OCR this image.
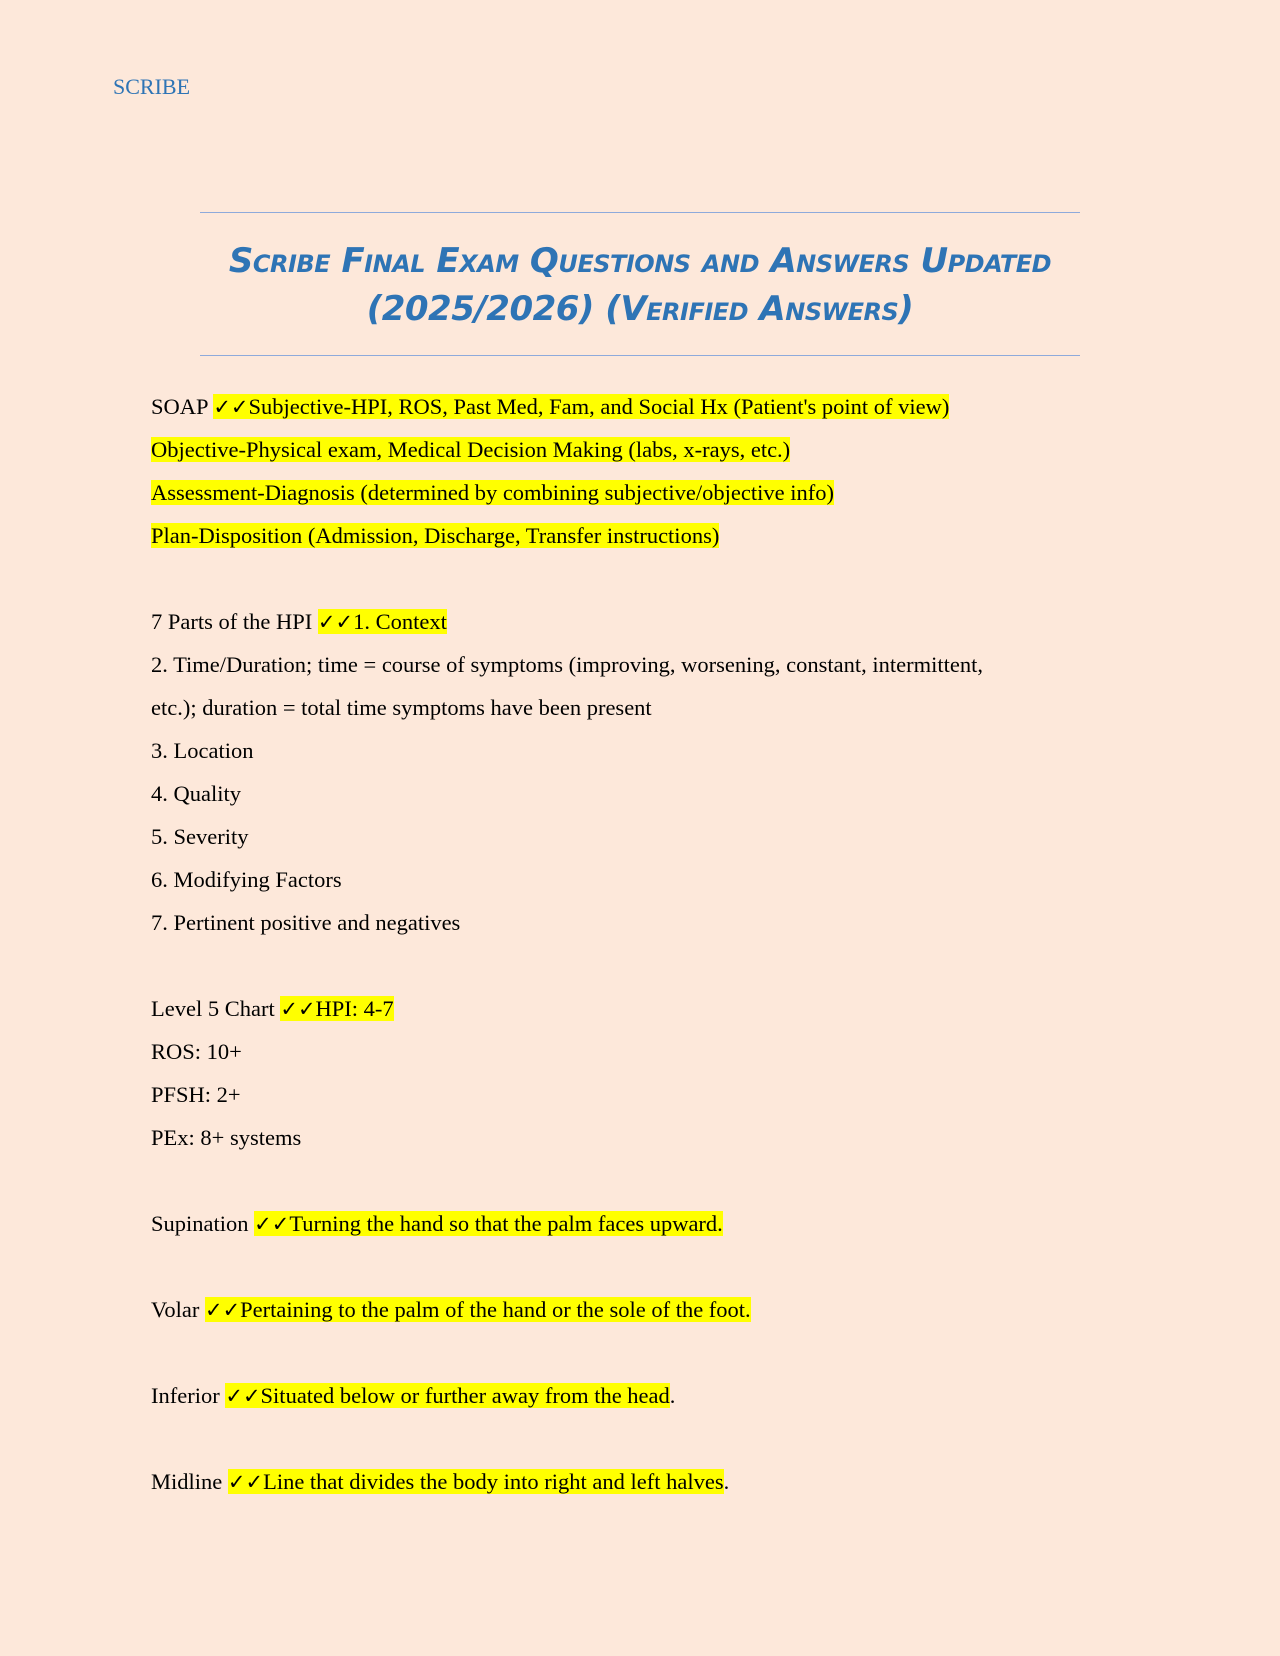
SCRIBE
Scribe Final Exam Questions and Answers Updated
(2025/2026) (Verified Answers)
SOAP ✓✓Subjective-HPI, ROS, Past Med, Fam, and Social Hx (Patient's point of view)
Objective-Physical exam, Medical Decision Making (labs, x-rays, etc.)
Assessment-Diagnosis (determined by combining subjective/objective info)
Plan-Disposition (Admission, Discharge, Transfer instructions)
7 Parts of the HPI ✓✓1. Context
2. Time/Duration; time = course of symptoms (improving, worsening, constant, intermittent,
etc.); duration = total time symptoms have been present
3. Location
4. Quality
5. Severity
6. Modifying Factors
7. Pertinent positive and negatives
Level 5 Chart ✓✓HPI: 4-7
ROS: 10+
PFSH: 2+
PEx: 8+ systems
Supination ✓✓Turning the hand so that the palm faces upward.
Volar ✓✓Pertaining to the palm of the hand or the sole of the foot.
Inferior ✓✓Situated below or further away from the head.
Midline ✓✓Line that divides the body into right and left halves.
